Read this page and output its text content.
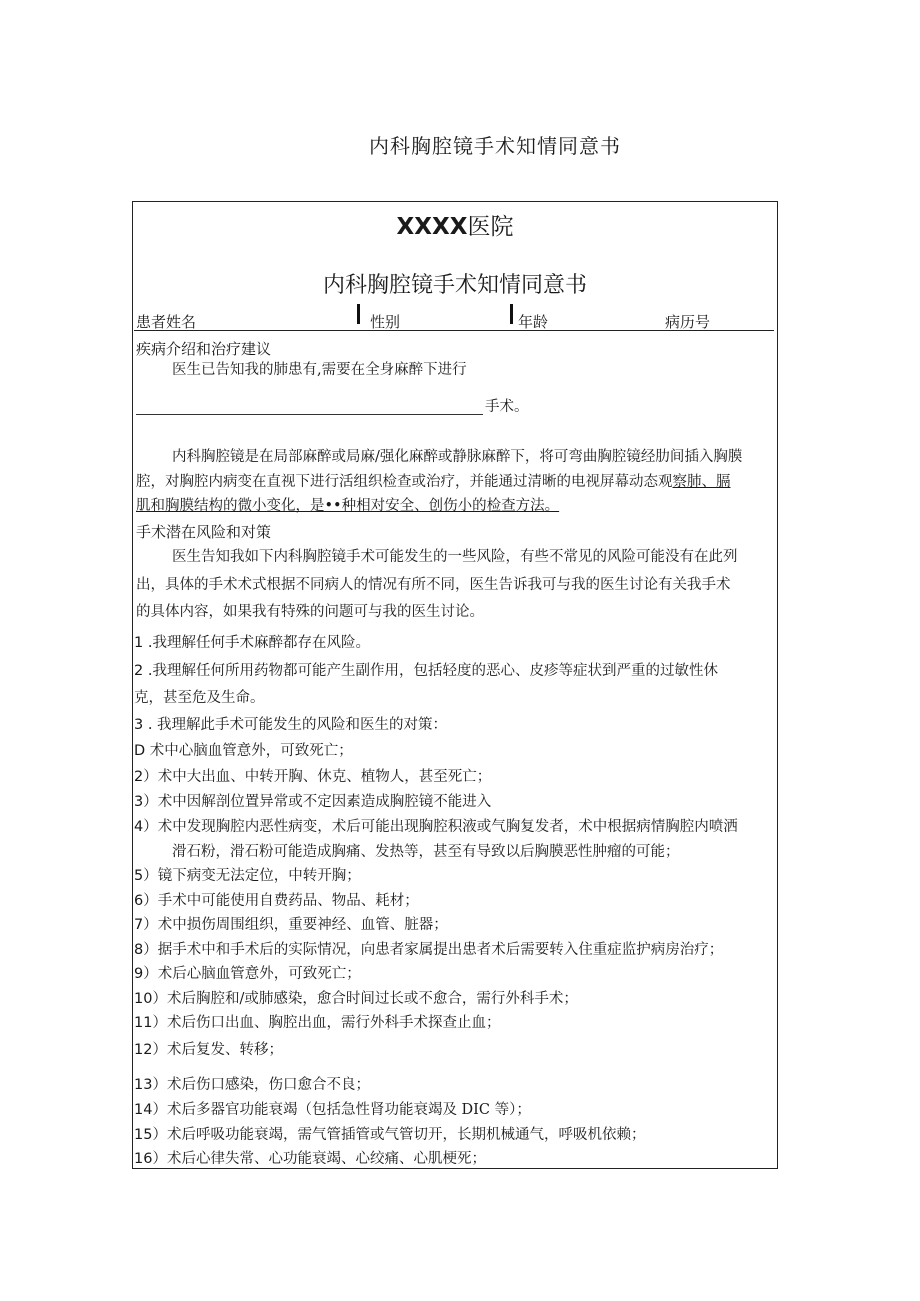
内科胸腔镜手术知情同意书
XXXX医院
内科胸腔镜手术知情同意书
患者姓名	性别	年龄	病历号
疾病介绍和治疗建议
医生已告知我的肺患有,需要在全身麻醉下进行
手术。
内科胸腔镜是在局部麻醉或局麻/强化麻醉或静脉麻醉下，将可弯曲胸腔镜经肋间插入胸膜
腔，对胸腔内病变在直视下进行活组织检查或治疗，并能通过清晰的电视屏幕动态观察肺、膈
肌和胸膜结构的微小变化，是••种相对安全、创伤小的检查方法。
手术潜在风险和对策
医生告知我如下内科胸腔镜手术可能发生的一些风险，有些不常见的风险可能没有在此列
出，具体的手术术式根据不同病人的情况有所不同，医生告诉我可与我的医生讨论有关我手术
的具体内容，如果我有特殊的问题可与我的医生讨论。
1 .我理解任何手术麻醉都存在风险。
2 .我理解任何所用药物都可能产生副作用，包括轻度的恶心、皮疹等症状到严重的过敏性休
克，甚至危及生命。
3 . 我理解此手术可能发生的风险和医生的对策：
D 术中心脑血管意外，可致死亡；
2）术中大出血、中转开胸、休克、植物人，甚至死亡；
3）术中因解剖位置异常或不定因素造成胸腔镜不能进入
4）术中发现胸腔内恶性病变，术后可能出现胸腔积液或气胸复发者，术中根据病情胸腔内喷洒
滑石粉，滑石粉可能造成胸痛、发热等，甚至有导致以后胸膜恶性肿瘤的可能；
5）镜下病变无法定位，中转开胸；
6）手术中可能使用自费药品、物品、耗材；
7）术中损伤周围组织，重要神经、血管、脏器；
8）据手术中和手术后的实际情况，向患者家属提出患者术后需要转入住重症监护病房治疗；
9）术后心脑血管意外，可致死亡；
10）术后胸腔和/或肺感染，愈合时间过长或不愈合，需行外科手术；
11）术后伤口出血、胸腔出血，需行外科手术探查止血；
12）术后复发、转移；
13）术后伤口感染，伤口愈合不良；
14）术后多器官功能衰竭（包括急性肾功能衰竭及 DIC 等）；
15）术后呼吸功能衰竭，需气管插管或气管切开，长期机械通气，呼吸机依赖；
16）术后心律失常、心功能衰竭、心绞痛、心肌梗死；
